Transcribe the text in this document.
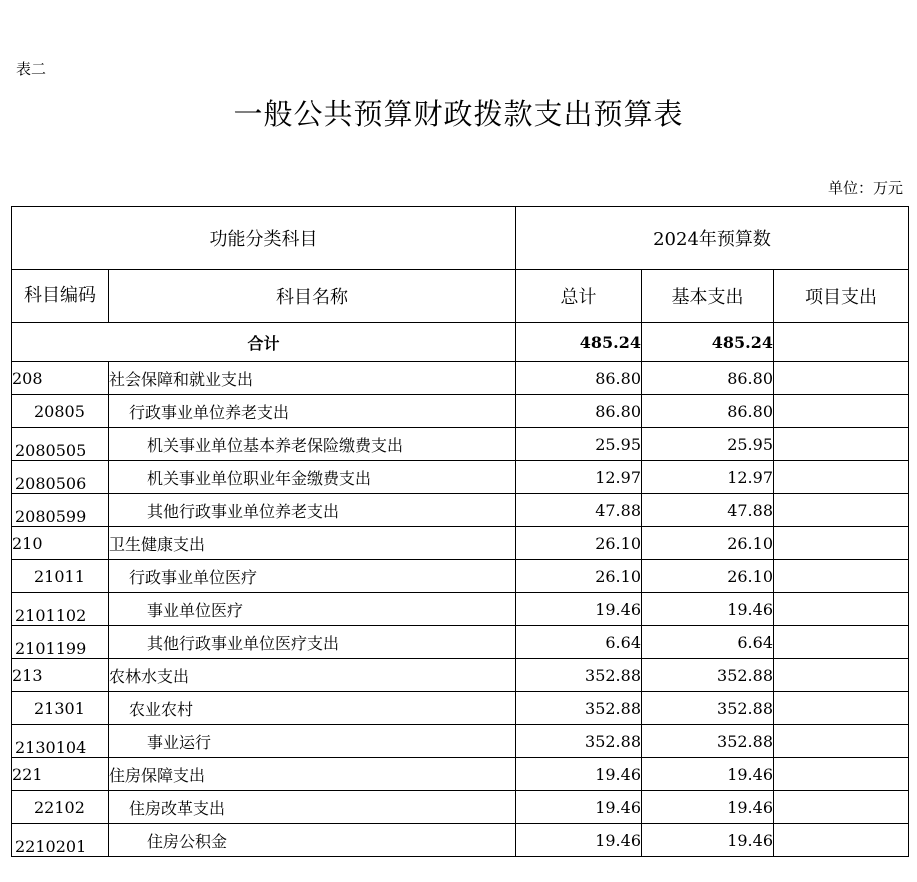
表二
一般公共预算财政拨款支出预算表
单位：万元
功能分类科目		2024年预算数		
科目编码	科目名称	总计	基本支出	项目支出
合计		485.24	485.24	
208	社会保障和就业支出	86.80	86.80	
20805	行政事业单位养老支出	86.80	86.80	
2080505	机关事业单位基本养老保险缴费支出	25.95	25.95	
2080506	机关事业单位职业年金缴费支出	12.97	12.97	
2080599	其他行政事业单位养老支出	47.88	47.88	
210	卫生健康支出	26.10	26.10	
21011	行政事业单位医疗	26.10	26.10	
2101102	事业单位医疗	19.46	19.46	
2101199	其他行政事业单位医疗支出	6.64	6.64	
213	农林水支出	352.88	352.88	
21301	农业农村	352.88	352.88	
2130104	事业运行	352.88	352.88	
221	住房保障支出	19.46	19.46	
22102	住房改革支出	19.46	19.46	
2210201	住房公积金	19.46	19.46	
